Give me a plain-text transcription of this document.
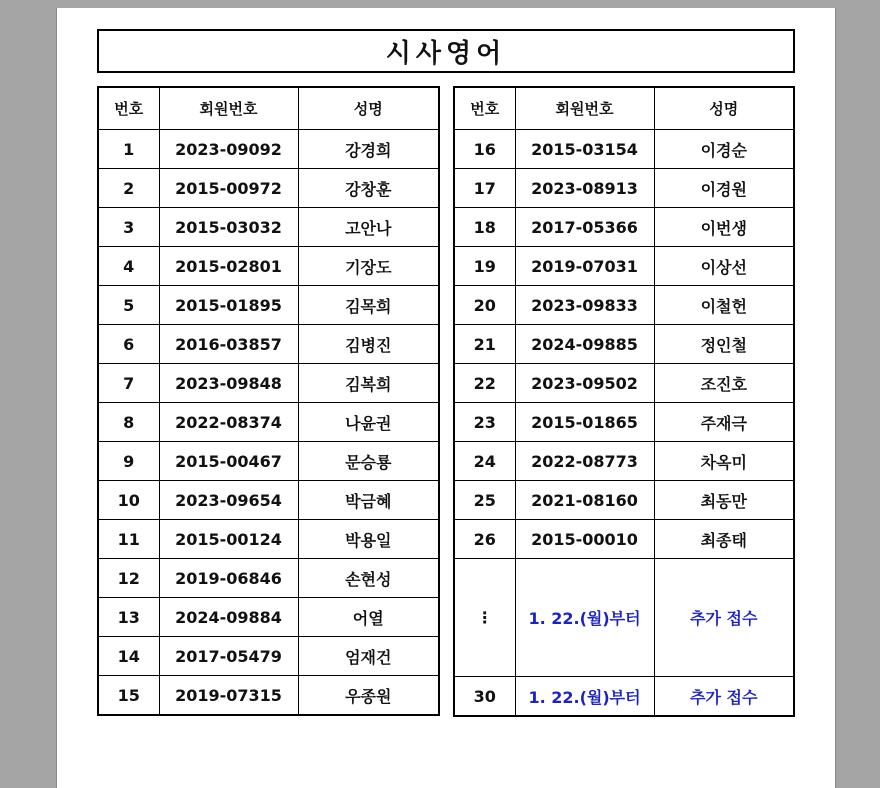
시사영어
번호	회원번호	성명
1	2023-09092	강경희
2	2015-00972	강창훈
3	2015-03032	고안나
4	2015-02801	기장도
5	2015-01895	김목희
6	2016-03857	김병진
7	2023-09848	김복희
8	2022-08374	나윤권
9	2015-00467	문승룡
10	2023-09654	박금혜
11	2015-00124	박용일
12	2019-06846	손현성
13	2024-09884	어열
14	2017-05479	엄재건
15	2019-07315	우종원
번호	회원번호	성명
16	2015-03154	이경순
17	2023-08913	이경원
18	2017-05366	이번생
19	2019-07031	이상선
20	2023-09833	이철헌
21	2024-09885	정인철
22	2023-09502	조진호
23	2015-01865	주재극
24	2022-08773	차옥미
25	2021-08160	최동만
26	2015-00010	최종태
⋮	1. 22.(월)부터	추가 접수

30	1. 22.(월)부터	추가 접수
